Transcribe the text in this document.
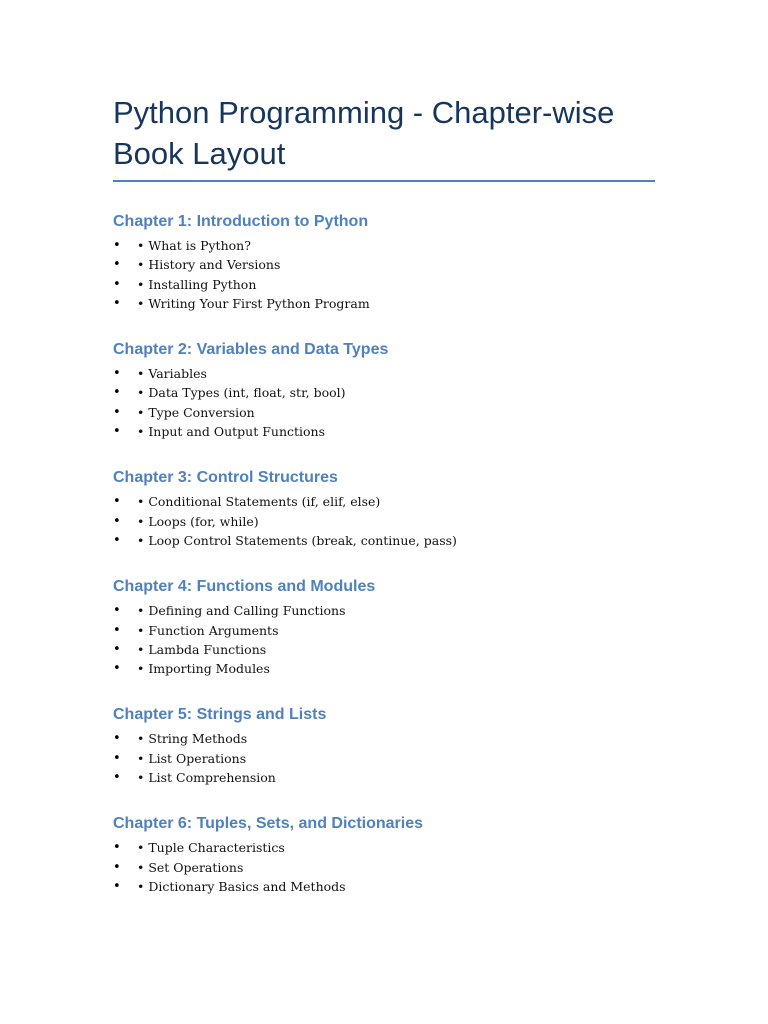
Python Programming - Chapter-wise
Book Layout
Chapter 1: Introduction to Python
• • What is Python?
• • History and Versions
• • Installing Python
• • Writing Your First Python Program
Chapter 2: Variables and Data Types
• • Variables
• • Data Types (int, float, str, bool)
• • Type Conversion
• • Input and Output Functions
Chapter 3: Control Structures
• • Conditional Statements (if, elif, else)
• • Loops (for, while)
• • Loop Control Statements (break, continue, pass)
Chapter 4: Functions and Modules
• • Defining and Calling Functions
• • Function Arguments
• • Lambda Functions
• • Importing Modules
Chapter 5: Strings and Lists
• • String Methods
• • List Operations
• • List Comprehension
Chapter 6: Tuples, Sets, and Dictionaries
• • Tuple Characteristics
• • Set Operations
• • Dictionary Basics and Methods
